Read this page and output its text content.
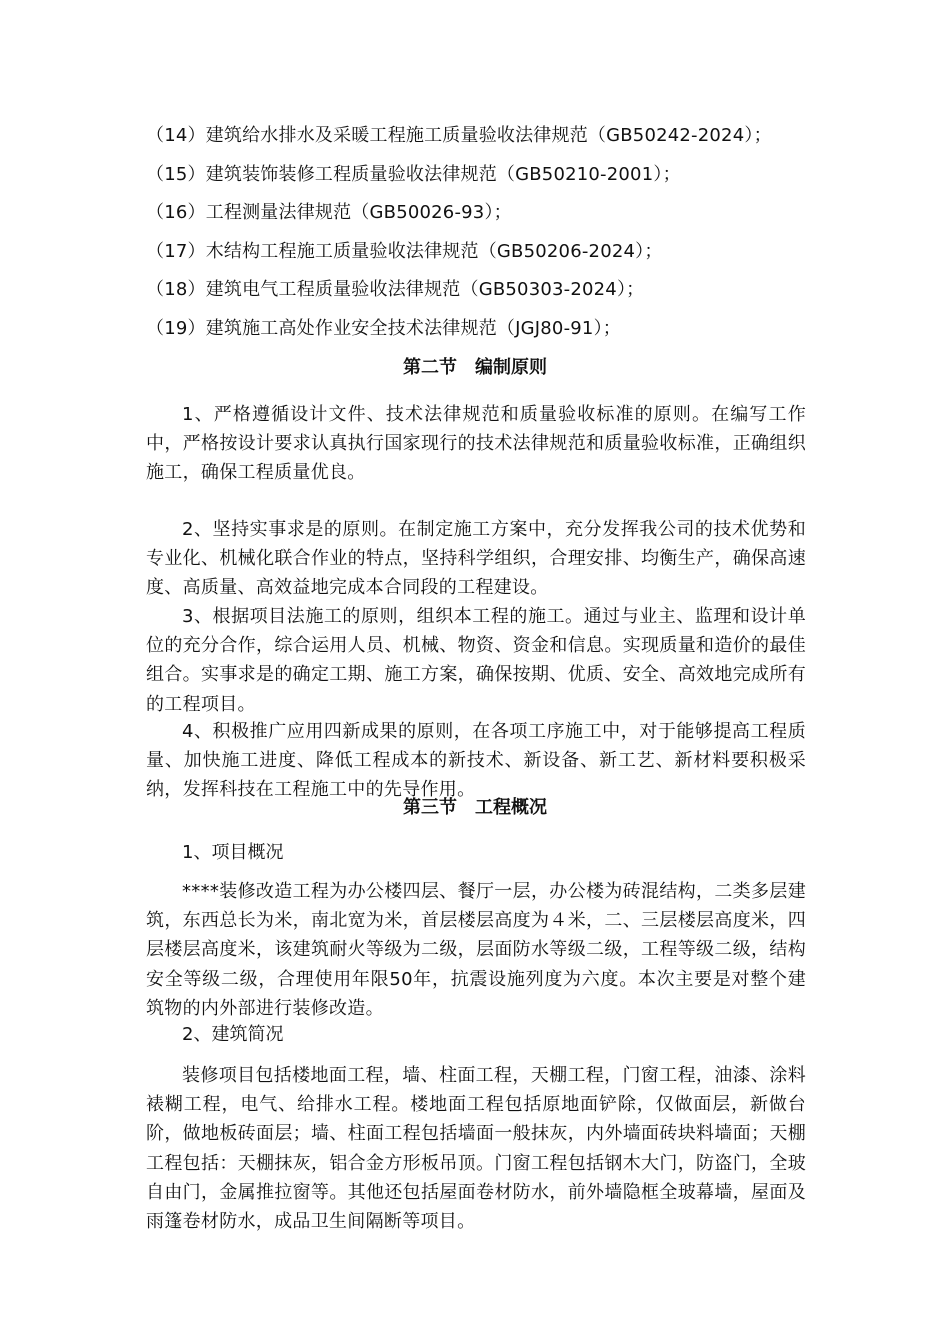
（14）建筑给水排水及采暖工程施工质量验收法律规范（GB50242-2024）；
（15）建筑装饰装修工程质量验收法律规范（GB50210-2001）；
（16）工程测量法律规范（GB50026-93）；
（17）木结构工程施工质量验收法律规范（GB50206-2024）；
（18）建筑电气工程质量验收法律规范（GB50303-2024）；
（19）建筑施工高处作业安全技术法律规范（JGJ80-91）；
第二节　编制原则

1、严格遵循设计文件、技术法律规范和质量验收标准的原则。在编写工作中，严格按设计要求认真执行国家现行的技术法律规范和质量验收标准，正确组织施工，确保工程质量优良。

2、坚持实事求是的原则。在制定施工方案中，充分发挥我公司的技术优势和专业化、机械化联合作业的特点，坚持科学组织，合理安排、均衡生产，确保高速度、高质量、高效益地完成本合同段的工程建设。

3、根据项目法施工的原则，组织本工程的施工。通过与业主、监理和设计单位的充分合作，综合运用人员、机械、物资、资金和信息。实现质量和造价的最佳组合。实事求是的确定工期、施工方案，确保按期、优质、安全、高效地完成所有的工程项目。

4、积极推广应用四新成果的原则，在各项工序施工中，对于能够提高工程质量、加快施工进度、降低工程成本的新技术、新设备、新工艺、新材料要积极采纳，发挥科技在工程施工中的先导作用。

第三节　工程概况

1、项目概况

****装修改造工程为办公楼四层、餐厅一层，办公楼为砖混结构，二类多层建筑，东西总长为米，南北宽为米，首层楼层高度为４米，二、三层楼层高度米，四层楼层高度米，该建筑耐火等级为二级，层面防水等级二级，工程等级二级，结构安全等级二级，合理使用年限50年，抗震设施列度为六度。本次主要是对整个建筑物的内外部进行装修改造。

2、建筑简况

装修项目包括楼地面工程，墙、柱面工程，天棚工程，门窗工程，油漆、涂料裱糊工程，电气、给排水工程。楼地面工程包括原地面铲除，仅做面层，新做台阶，做地板砖面层；墙、柱面工程包括墙面一般抹灰，内外墙面砖块料墙面；天棚工程包括：天棚抹灰，铝合金方形板吊顶。门窗工程包括钢木大门，防盗门，全玻自由门，金属推拉窗等。其他还包括屋面卷材防水，前外墙隐框全玻幕墙，屋面及雨篷卷材防水，成品卫生间隔断等项目。
